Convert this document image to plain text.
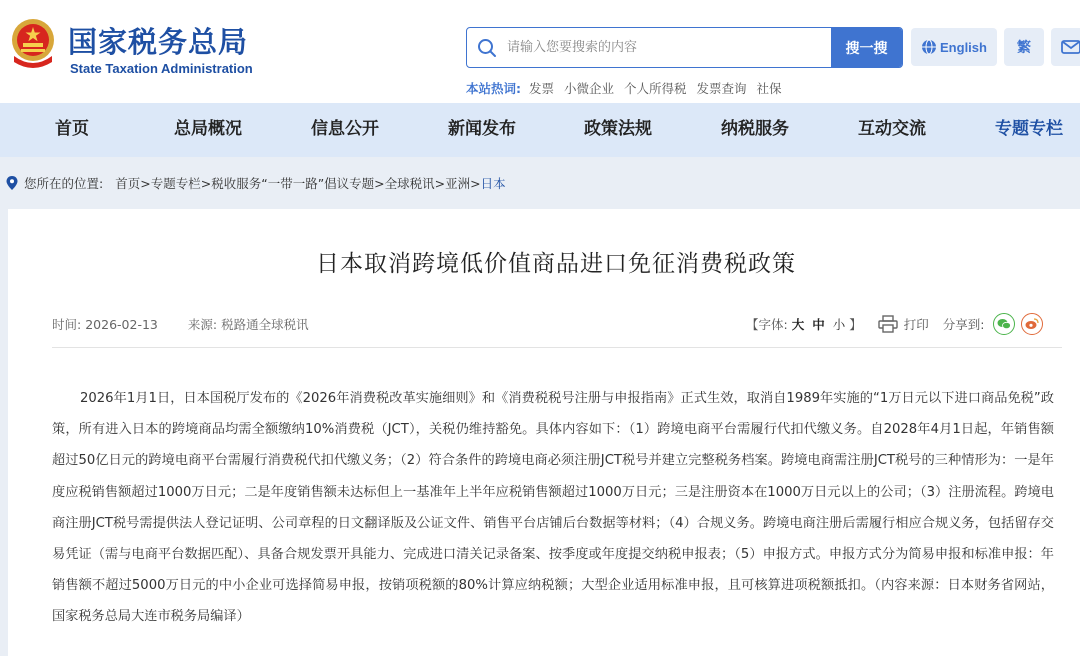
国家税务总局
State Taxation Administration
请输入您要搜索的内容
搜一搜
本站热词: 发票 小微企业 个人所得税 发票查询 社保
English	繁
首页	总局概况	信息公开	新闻发布	政策法规	纳税服务	互动交流	专题专栏
您所在的位置: 首页 > 专题专栏 > 税收服务“一带一路”倡议专题 > 全球税讯 > 亚洲 > 日本
日本取消跨境低价值商品进口免征消费税政策
时间: 2026-02-13 来源: 税路通全球税讯	【字体: 大 中 小 】	打印 分享到:
2026年1月1日，日本国税厅发布的《2026年消费税改革实施细则》和《消费税税号注册与申报指南》正式生效，取消自1989年实施的“1万日元以下进口商品免税”政策，所有进入日本的跨境商品均需全额缴纳10%消费税（JCT），关税仍维持豁免。具体内容如下：（1）跨境电商平台需履行代扣代缴义务。自2028年4月1日起，年销售额超过50亿日元的跨境电商平台需履行消费税代扣代缴义务；（2）符合条件的跨境电商必须注册JCT税号并建立完整税务档案。跨境电商需注册JCT税号的三种情形为：一是年度应税销售额超过1000万日元；二是年度销售额未达标但上一基准年上半年应税销售额超过1000万日元；三是注册资本在1000万日元以上的公司；（3）注册流程。跨境电商注册JCT税号需提供法人登记证明、公司章程的日文翻译版及公证文件、销售平台店铺后台数据等材料；（4）合规义务。跨境电商注册后需履行相应合规义务，包括留存交易凭证（需与电商平台数据匹配）、具备合规发票开具能力、完成进口清关记录备案、按季度或年度提交纳税申报表；（5）申报方式。申报方式分为简易申报和标准申报：年销售额不超过5000万日元的中小企业可选择简易申报，按销项税额的80%计算应纳税额；大型企业适用标准申报，且可核算进项税额抵扣。（内容来源：日本财务省网站，国家税务总局大连市税务局编译）
